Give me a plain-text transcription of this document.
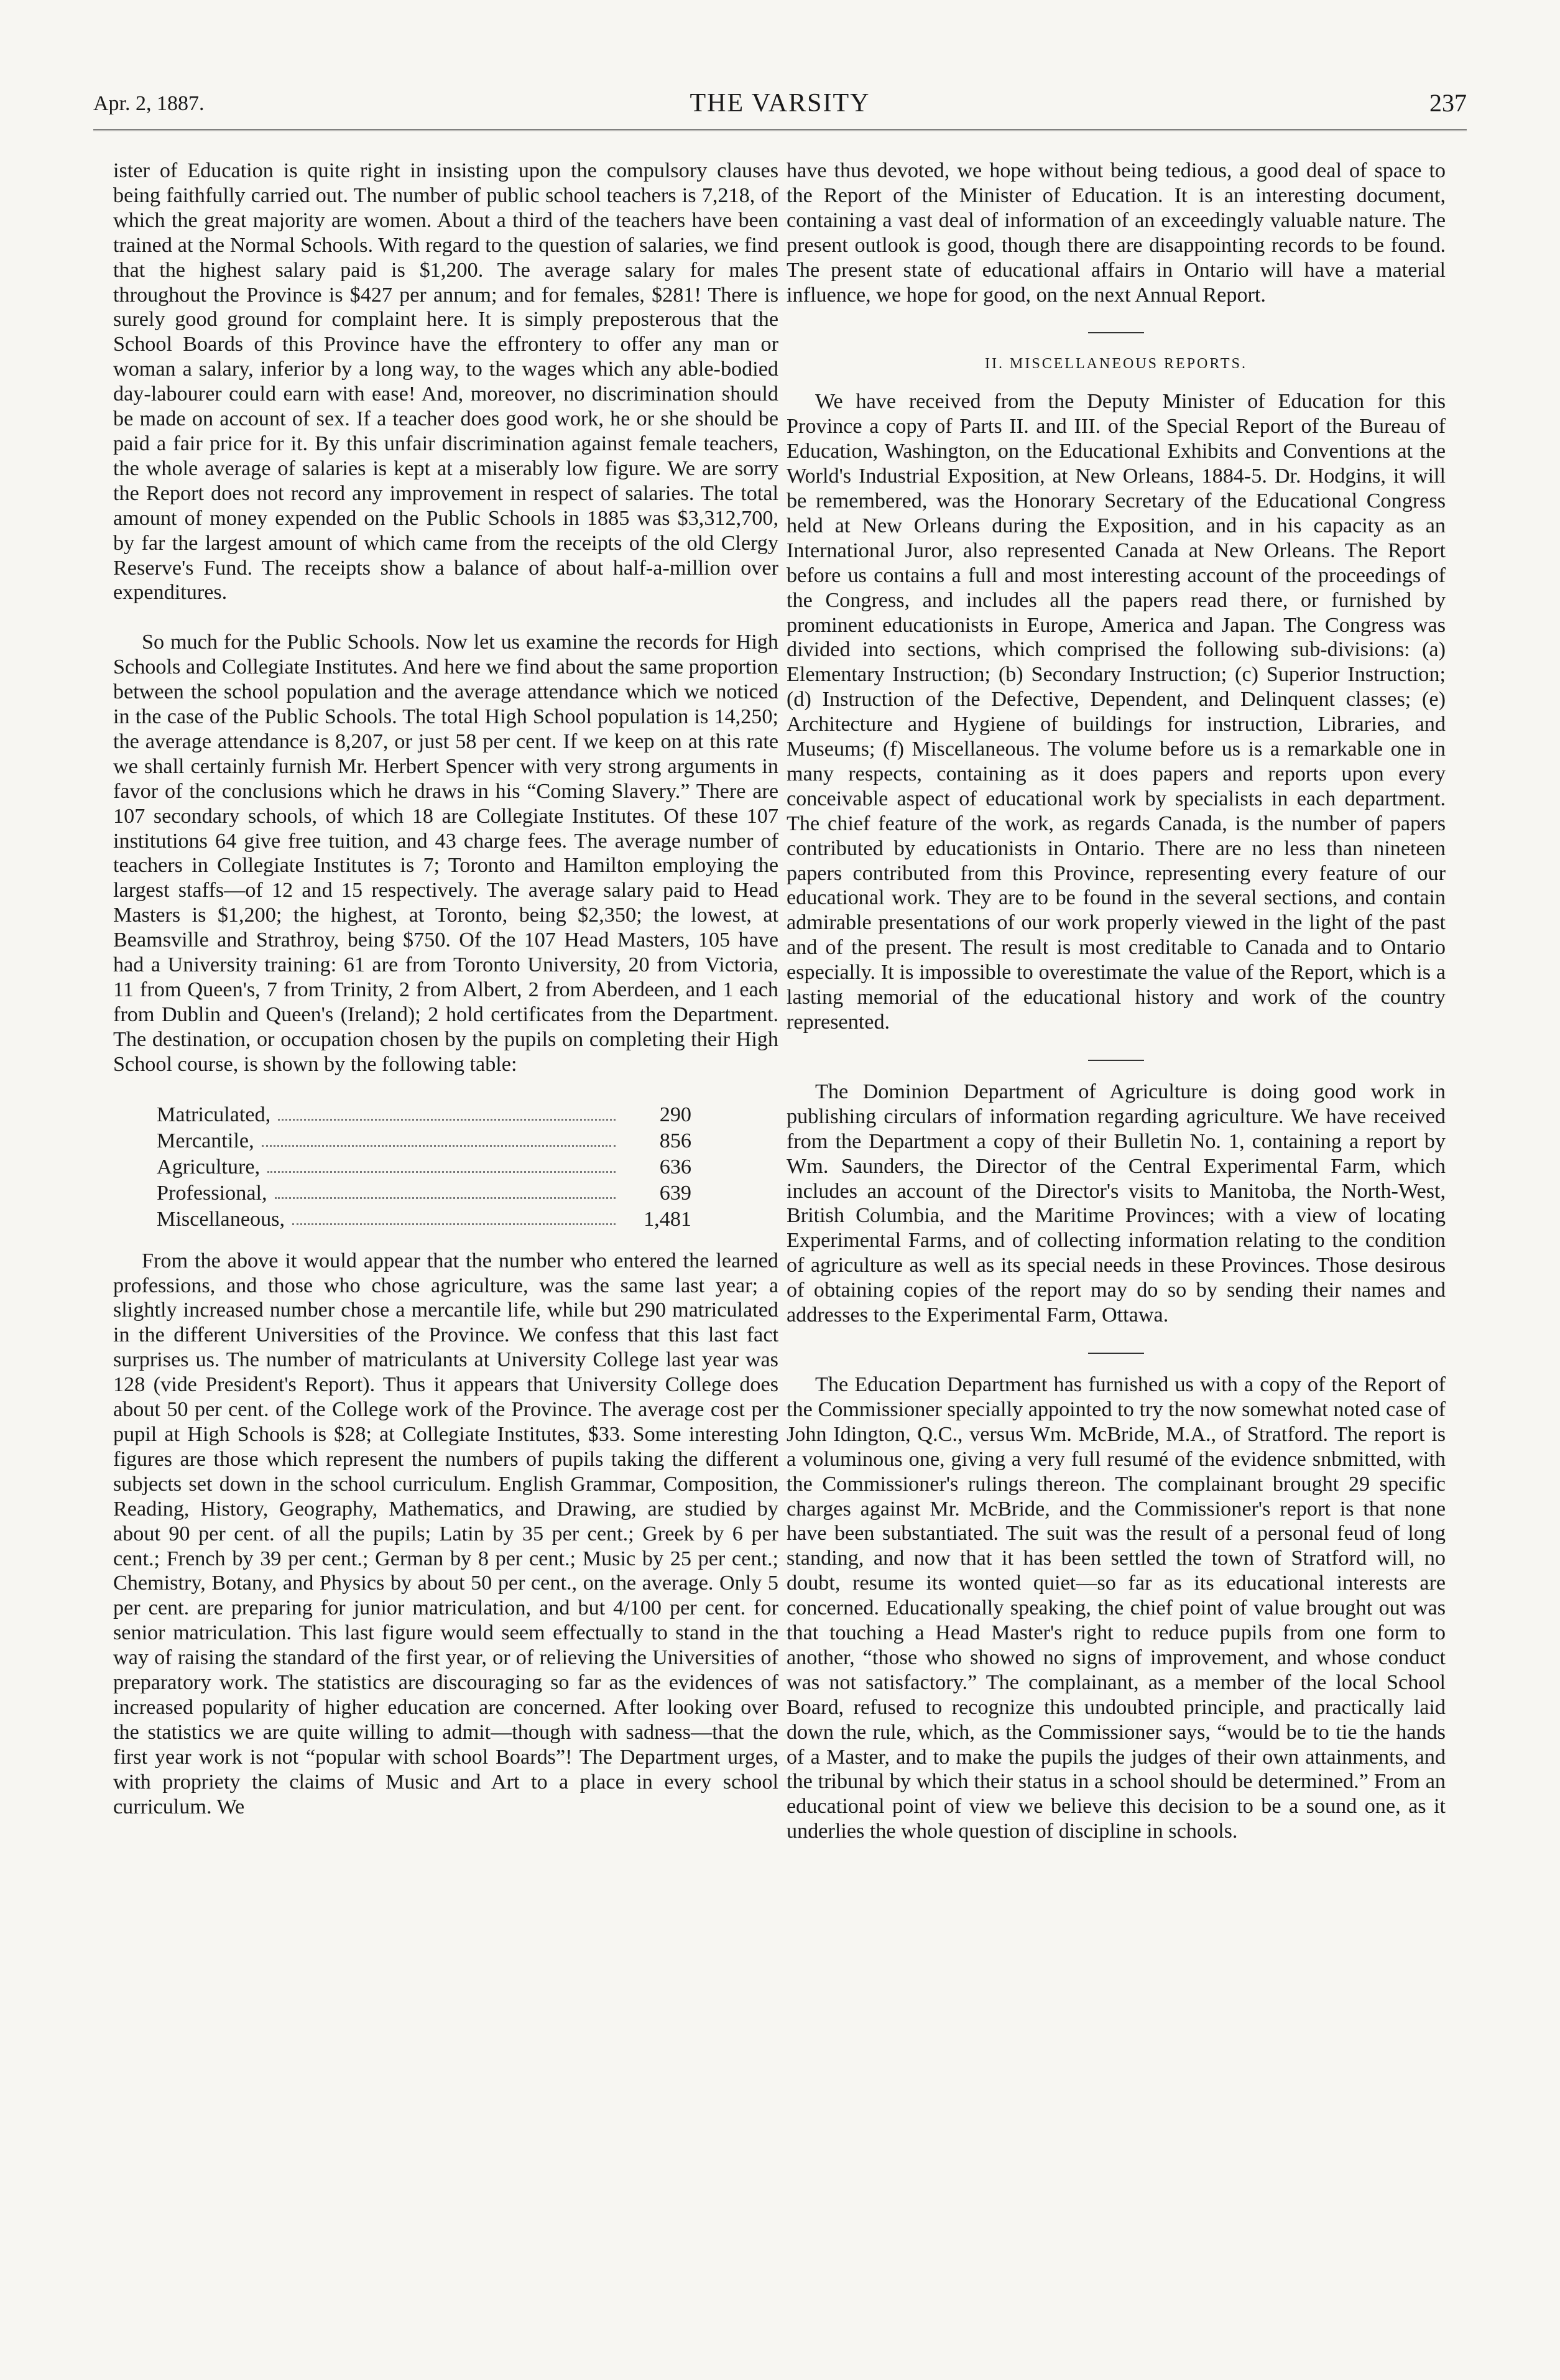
Apr. 2, 1887.	THE VARSITY	237

ister of Education is quite right in insisting upon the compulsory clauses being faithfully carried out. The number of public school teachers is 7,218, of which the great majority are women. About a third of the teachers have been trained at the Normal Schools. With regard to the question of salaries, we find that the highest salary paid is $1,200. The average salary for males throughout the Province is $427 per annum; and for females, $281! There is surely good ground for complaint here. It is simply preposterous that the School Boards of this Province have the effrontery to offer any man or woman a salary, inferior by a long way, to the wages which any able-bodied day-labourer could earn with ease! And, moreover, no discrimination should be made on account of sex. If a teacher does good work, he or she should be paid a fair price for it. By this unfair discrimination against female teachers, the whole average of salaries is kept at a miserably low figure. We are sorry the Report does not record any improvement in respect of salaries. The total amount of money expended on the Public Schools in 1885 was $3,312,700, by far the largest amount of which came from the receipts of the old Clergy Reserve's Fund. The receipts show a balance of about half-a-million over expenditures.

So much for the Public Schools. Now let us examine the records for High Schools and Collegiate Institutes. And here we find about the same proportion between the school population and the average attendance which we noticed in the case of the Public Schools. The total High School population is 14,250; the average attendance is 8,207, or just 58 per cent. If we keep on at this rate we shall certainly furnish Mr. Herbert Spencer with very strong arguments in favor of the conclusions which he draws in his “Coming Slavery.” There are 107 secondary schools, of which 18 are Collegiate Institutes. Of these 107 institutions 64 give free tuition, and 43 charge fees. The average number of teachers in Collegiate Institutes is 7; Toronto and Hamilton employing the largest staffs—of 12 and 15 respectively. The average salary paid to Head Masters is $1,200; the highest, at Toronto, being $2,350; the lowest, at Beamsville and Strathroy, being $750. Of the 107 Head Masters, 105 have had a University training: 61 are from Toronto University, 20 from Victoria, 11 from Queen's, 7 from Trinity, 2 from Albert, 2 from Aberdeen, and 1 each from Dublin and Queen's (Ireland); 2 hold certificates from the Department. The destination, or occupation chosen by the pupils on completing their High School course, is shown by the following table:

Matriculated,	290
Mercantile,	856
Agriculture,	636
Professional,	639
Miscellaneous,	1,481

From the above it would appear that the number who entered the learned professions, and those who chose agriculture, was the same last year; a slightly increased number chose a mercantile life, while but 290 matriculated in the different Universities of the Province. We confess that this last fact surprises us. The number of matriculants at University College last year was 128 (vide President's Report). Thus it appears that University College does about 50 per cent. of the College work of the Province. The average cost per pupil at High Schools is $28; at Collegiate Institutes, $33. Some interesting figures are those which represent the numbers of pupils taking the different subjects set down in the school curriculum. English Grammar, Composition, Reading, History, Geography, Mathematics, and Drawing, are studied by about 90 per cent. of all the pupils; Latin by 35 per cent.; Greek by 6 per cent.; French by 39 per cent.; German by 8 per cent.; Music by 25 per cent.; Chemistry, Botany, and Physics by about 50 per cent., on the average. Only 5 per cent. are preparing for junior matriculation, and but 4/100 per cent. for senior matriculation. This last figure would seem effectually to stand in the way of raising the standard of the first year, or of relieving the Universities of preparatory work. The statistics are discouraging so far as the evidences of increased popularity of higher education are concerned. After looking over the statistics we are quite willing to admit—though with sadness—that the first year work is not “popular with school Boards”! The Department urges, with propriety the claims of Music and Art to a place in every school curriculum. We

have thus devoted, we hope without being tedious, a good deal of space to the Report of the Minister of Education. It is an interesting document, containing a vast deal of information of an exceedingly valuable nature. The present outlook is good, though there are disappointing records to be found. The present state of educational affairs in Ontario will have a material influence, we hope for good, on the next Annual Report.

II. MISCELLANEOUS REPORTS.

We have received from the Deputy Minister of Education for this Province a copy of Parts II. and III. of the Special Report of the Bureau of Education, Washington, on the Educational Exhibits and Conventions at the World's Industrial Exposition, at New Orleans, 1884-5. Dr. Hodgins, it will be remembered, was the Honorary Secretary of the Educational Congress held at New Orleans during the Exposition, and in his capacity as an International Juror, also represented Canada at New Orleans. The Report before us contains a full and most interesting account of the proceedings of the Congress, and includes all the papers read there, or furnished by prominent educationists in Europe, America and Japan. The Congress was divided into sections, which comprised the following sub-divisions: (a) Elementary Instruction; (b) Secondary Instruction; (c) Superior Instruction; (d) Instruction of the Defective, Dependent, and Delinquent classes; (e) Architecture and Hygiene of buildings for instruction, Libraries, and Museums; (f) Miscellaneous. The volume before us is a remarkable one in many respects, containing as it does papers and reports upon every conceivable aspect of educational work by specialists in each department. The chief feature of the work, as regards Canada, is the number of papers contributed by educationists in Ontario. There are no less than nineteen papers contributed from this Province, representing every feature of our educational work. They are to be found in the several sections, and contain admirable presentations of our work properly viewed in the light of the past and of the present. The result is most creditable to Canada and to Ontario especially. It is impossible to overestimate the value of the Report, which is a lasting memorial of the educational history and work of the country represented.

The Dominion Department of Agriculture is doing good work in publishing circulars of information regarding agriculture. We have received from the Department a copy of their Bulletin No. 1, containing a report by Wm. Saunders, the Director of the Central Experimental Farm, which includes an account of the Director's visits to Manitoba, the North-West, British Columbia, and the Maritime Provinces; with a view of locating Experimental Farms, and of collecting information relating to the condition of agriculture as well as its special needs in these Provinces. Those desirous of obtaining copies of the report may do so by sending their names and addresses to the Experimental Farm, Ottawa.

The Education Department has furnished us with a copy of the Report of the Commissioner specially appointed to try the now somewhat noted case of John Idington, Q.C., versus Wm. McBride, M.A., of Stratford. The report is a voluminous one, giving a very full resumé of the evidence snbmitted, with the Commissioner's rulings thereon. The complainant brought 29 specific charges against Mr. McBride, and the Commissioner's report is that none have been substantiated. The suit was the result of a personal feud of long standing, and now that it has been settled the town of Stratford will, no doubt, resume its wonted quiet—so far as its educational interests are concerned. Educationally speaking, the chief point of value brought out was that touching a Head Master's right to reduce pupils from one form to another, “those who showed no signs of improvement, and whose conduct was not satisfactory.” The complainant, as a member of the local School Board, refused to recognize this undoubted principle, and practically laid down the rule, which, as the Commissioner says, “would be to tie the hands of a Master, and to make the pupils the judges of their own attainments, and the tribunal by which their status in a school should be determined.” From an educational point of view we believe this decision to be a sound one, as it underlies the whole question of discipline in schools.
